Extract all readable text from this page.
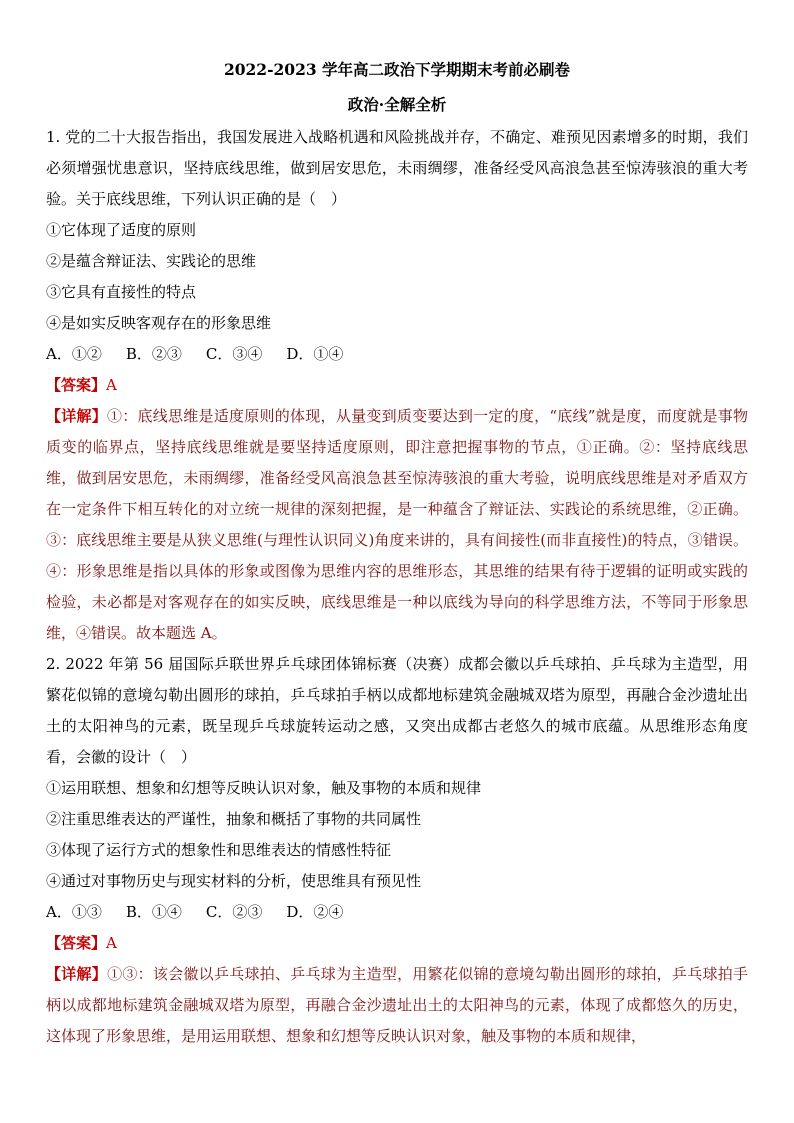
2022-2023 学年高二政治下学期期末考前必刷卷

政治·全解全析

1. 党的二十大报告指出，我国发展进入战略机遇和风险挑战并存，不确定、难预见因素增多的时期，我们必须增强忧患意识，坚持底线思维，做到居安思危，未雨绸缪，准备经受风高浪急甚至惊涛骇浪的重大考验。关于底线思维，下列认识正确的是（　）

①它体现了适度的原则

②是蕴含辩证法、实践论的思维

③它具有直接性的特点

④是如实反映客观存在的形象思维

A．①② B．②③ C．③④ D．①④

【答案】A

【详解】①：底线思维是适度原则的体现，从量变到质变要达到一定的度，“底线”就是度，而度就是事物质变的临界点，坚持底线思维就是要坚持适度原则，即注意把握事物的节点，①正确。②：坚持底线思维，做到居安思危，未雨绸缪，准备经受风高浪急甚至惊涛骇浪的重大考验，说明底线思维是对矛盾双方在一定条件下相互转化的对立统一规律的深刻把握，是一种蕴含了辩证法、实践论的系统思维，②正确。③：底线思维主要是从狭义思维(与理性认识同义)角度来讲的，具有间接性(而非直接性)的特点，③错误。④：形象思维是指以具体的形象或图像为思维内容的思维形态，其思维的结果有待于逻辑的证明或实践的检验，未必都是对客观存在的如实反映，底线思维是一种以底线为导向的科学思维方法，不等同于形象思维，④错误。故本题选 A。

2. 2022 年第 56 届国际乒联世界乒乓球团体锦标赛（决赛）成都会徽以乒乓球拍、乒乓球为主造型，用繁花似锦的意境勾勒出圆形的球拍，乒乓球拍手柄以成都地标建筑金融城双塔为原型，再融合金沙遗址出土的太阳神鸟的元素，既呈现乒乓球旋转运动之感，又突出成都古老悠久的城市底蕴。从思维形态角度看，会徽的设计（　）

①运用联想、想象和幻想等反映认识对象，触及事物的本质和规律

②注重思维表达的严谨性，抽象和概括了事物的共同属性

③体现了运行方式的想象性和思维表达的情感性特征

④通过对事物历史与现实材料的分析，使思维具有预见性

A．①③ B．①④ C．②③ D．②④

【答案】A

【详解】①③：该会徽以乒乓球拍、乒乓球为主造型，用繁花似锦的意境勾勒出圆形的球拍，乒乓球拍手柄以成都地标建筑金融城双塔为原型，再融合金沙遗址出土的太阳神鸟的元素，体现了成都悠久的历史，这体现了形象思维，是用运用联想、想象和幻想等反映认识对象，触及事物的本质和规律，
